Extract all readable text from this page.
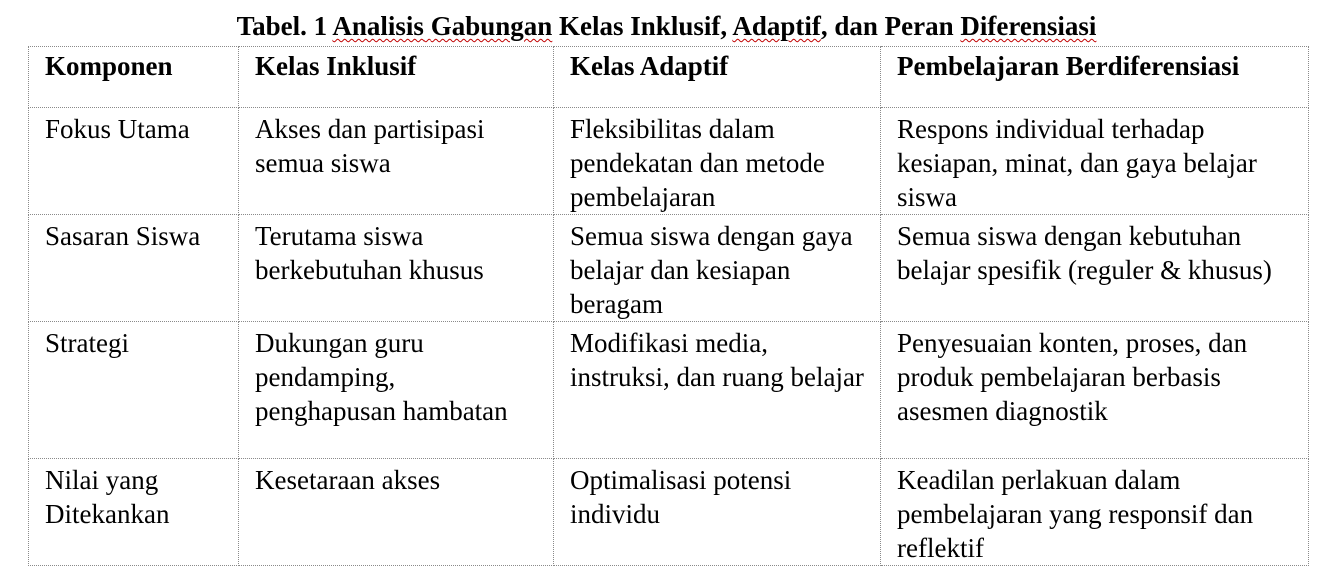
Tabel. 1 Analisis Gabungan Kelas Inklusif, Adaptif, dan Peran Diferensiasi
Komponen	Kelas Inklusif	Kelas Adaptif	Pembelajaran Berdiferensiasi
Fokus Utama	Akses dan partisipasi semua siswa	Fleksibilitas dalam pendekatan dan metode pembelajaran	Respons individual terhadap kesiapan, minat, dan gaya belajar siswa
Sasaran Siswa	Terutama siswa berkebutuhan khusus	Semua siswa dengan gaya belajar dan kesiapan beragam	Semua siswa dengan kebutuhan belajar spesifik (reguler & khusus)
Strategi	Dukungan guru pendamping, penghapusan hambatan	Modifikasi media, instruksi, dan ruang belajar	Penyesuaian konten, proses, dan produk pembelajaran berbasis asesmen diagnostik
Nilai yang Ditekankan	Kesetaraan akses	Optimalisasi potensi individu	Keadilan perlakuan dalam pembelajaran yang responsif dan reflektif
